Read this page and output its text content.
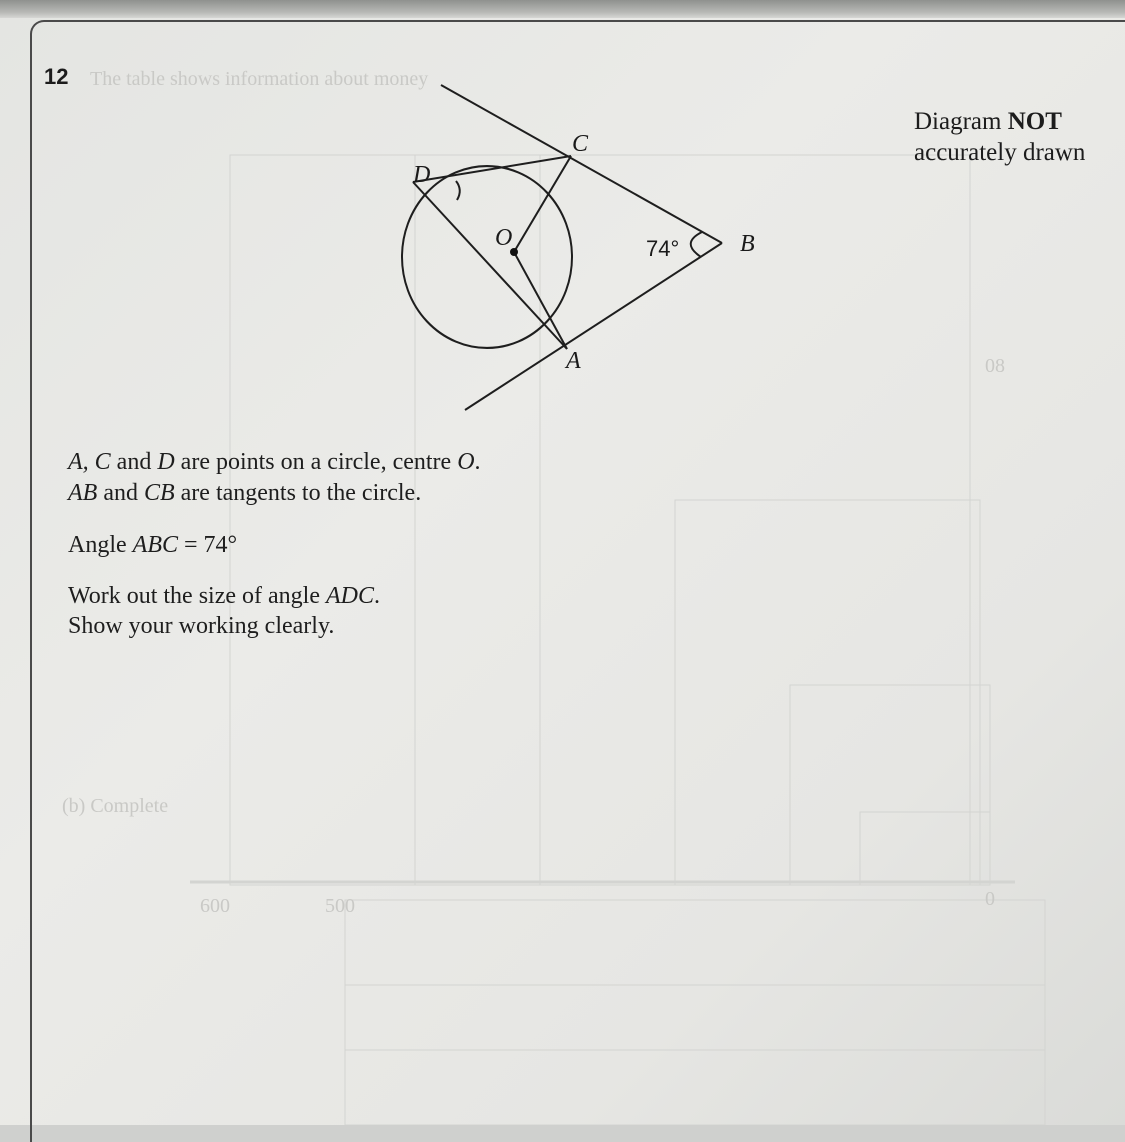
The table shows information about money
(b) Complete
600	500	0
08
12
Diagram NOT
accurately drawn
D
C
O
A
B
74°
A, C and D are points on a circle, centre O.
AB and CB are tangents to the circle.
Angle ABC = 74°
Work out the size of angle ADC.
Show your working clearly.
